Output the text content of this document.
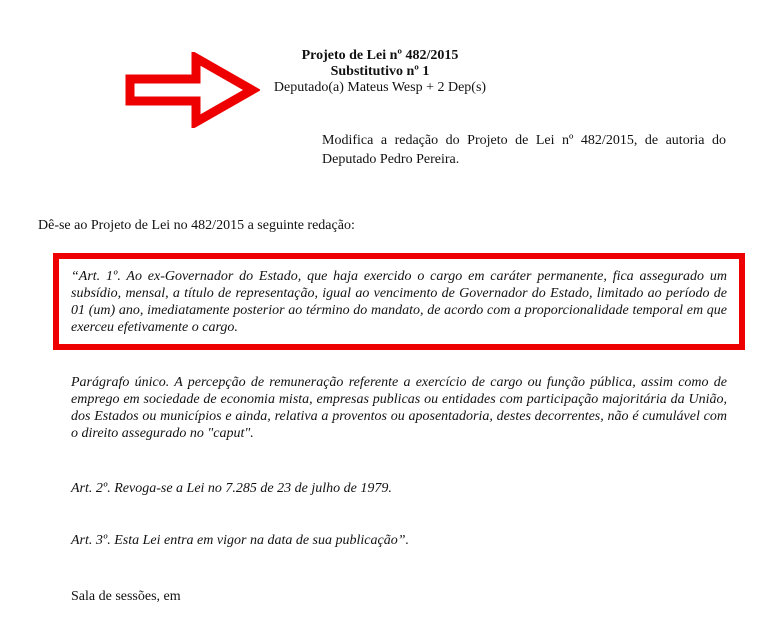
Projeto de Lei nº 482/2015
Substitutivo nº 1
Deputado(a) Mateus Wesp + 2 Dep(s)
Modifica a redação do Projeto de Lei nº 482/2015, de autoria do Deputado Pedro Pereira.
Dê-se ao Projeto de Lei no 482/2015 a seguinte redação:
“Art. 1º. Ao ex-Governador do Estado, que haja exercido o cargo em caráter permanente, fica assegurado um subsídio, mensal, a título de representação, igual ao vencimento de Governador do Estado, limitado ao período de 01 (um) ano, imediatamente posterior ao término do mandato, de acordo com a proporcionalidade temporal em que exerceu efetivamente o cargo.
Parágrafo único. A percepção de remuneração referente a exercício de cargo ou função pública, assim como de emprego em sociedade de economia mista, empresas publicas ou entidades com participação majoritária da União, dos Estados ou municípios e ainda, relativa a proventos ou aposentadoria, destes decorrentes, não é cumulável com o direito assegurado no "caput".
Art. 2º. Revoga-se a Lei no 7.285 de 23 de julho de 1979.
Art. 3º. Esta Lei entra em vigor na data de sua publicação”.
Sala de sessões, em
